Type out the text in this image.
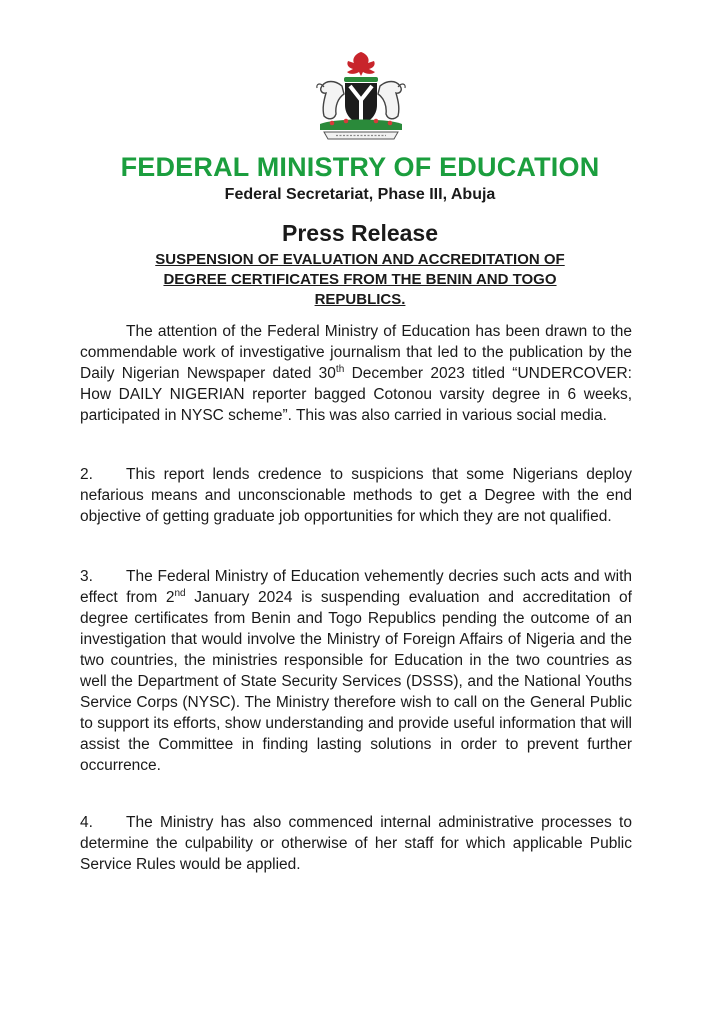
FEDERAL MINISTRY OF EDUCATION
Federal Secretariat, Phase III, Abuja
Press Release
SUSPENSION OF EVALUATION AND ACCREDITATION OF
DEGREE CERTIFICATES FROM THE BENIN AND TOGO
REPUBLICS.
The attention of the Federal Ministry of Education has been drawn to the commendable work of investigative journalism that led to the publication by the Daily Nigerian Newspaper dated 30th December 2023 titled “UNDERCOVER: How DAILY NIGERIAN reporter bagged Cotonou varsity degree in 6 weeks, participated in NYSC scheme”. This was also carried in various social media.
2. This report lends credence to suspicions that some Nigerians deploy nefarious means and unconscionable methods to get a Degree with the end objective of getting graduate job opportunities for which they are not qualified.
3. The Federal Ministry of Education vehemently decries such acts and with effect from 2nd January 2024 is suspending evaluation and accreditation of degree certificates from Benin and Togo Republics pending the outcome of an investigation that would involve the Ministry of Foreign Affairs of Nigeria and the two countries, the ministries responsible for Education in the two countries as well the Department of State Security Services (DSSS), and the National Youths Service Corps (NYSC). The Ministry therefore wish to call on the General Public to support its efforts, show understanding and provide useful information that will assist the Committee in finding lasting solutions in order to prevent further occurrence.
4. The Ministry has also commenced internal administrative processes to determine the culpability or otherwise of her staff for which applicable Public Service Rules would be applied.
